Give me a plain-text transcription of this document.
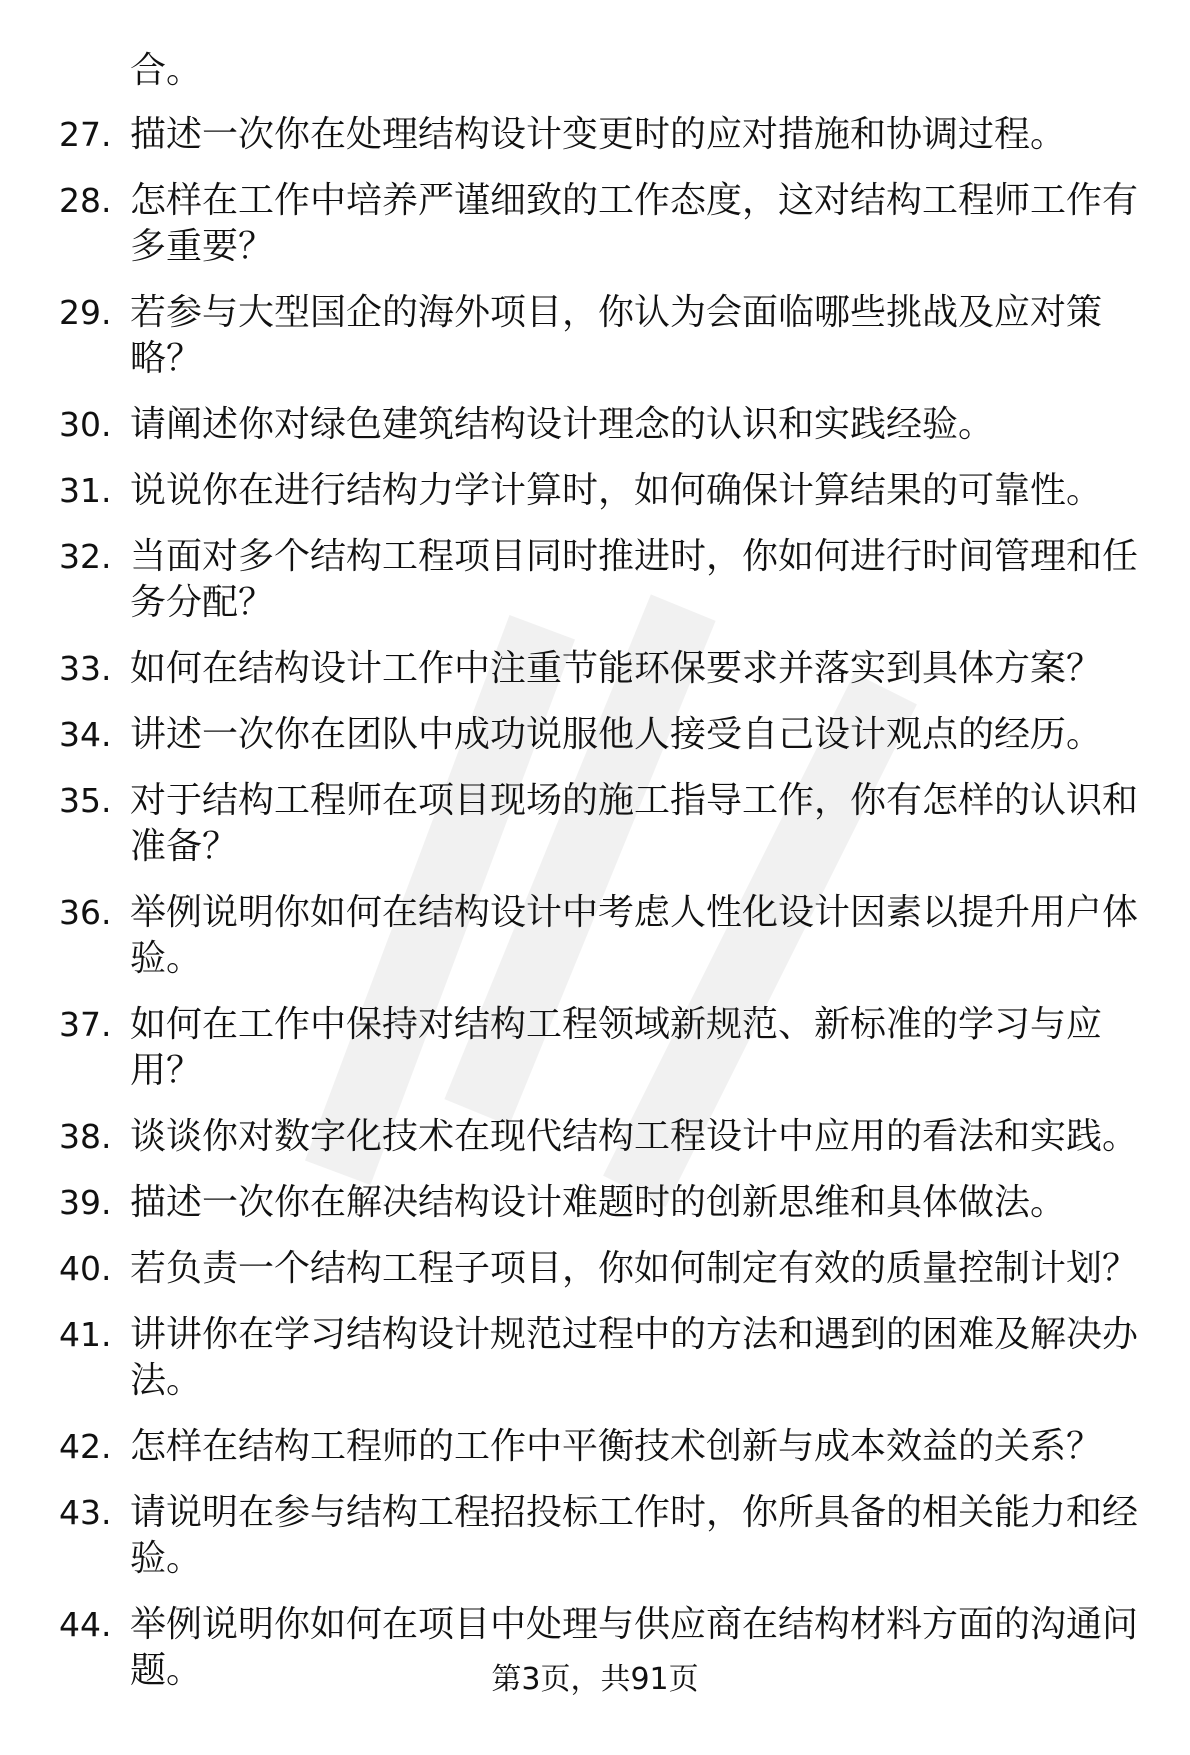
合。
27. 描述一次你在处理结构设计变更时的应对措施和协调过程。
28. 怎样在工作中培养严谨细致的工作态度，这对结构工程师工作有
多重要？
29. 若参与大型国企的海外项目，你认为会面临哪些挑战及应对策
略？
30. 请阐述你对绿色建筑结构设计理念的认识和实践经验。
31. 说说你在进行结构力学计算时，如何确保计算结果的可靠性。
32. 当面对多个结构工程项目同时推进时，你如何进行时间管理和任
务分配？
33. 如何在结构设计工作中注重节能环保要求并落实到具体方案？
34. 讲述一次你在团队中成功说服他人接受自己设计观点的经历。
35. 对于结构工程师在项目现场的施工指导工作，你有怎样的认识和
准备？
36. 举例说明你如何在结构设计中考虑人性化设计因素以提升用户体
验。
37. 如何在工作中保持对结构工程领域新规范、新标准的学习与应
用？
38. 谈谈你对数字化技术在现代结构工程设计中应用的看法和实践。
39. 描述一次你在解决结构设计难题时的创新思维和具体做法。
40. 若负责一个结构工程子项目，你如何制定有效的质量控制计划？
41. 讲讲你在学习结构设计规范过程中的方法和遇到的困难及解决办
法。
42. 怎样在结构工程师的工作中平衡技术创新与成本效益的关系？
43. 请说明在参与结构工程招投标工作时，你所具备的相关能力和经
验。
44. 举例说明你如何在项目中处理与供应商在结构材料方面的沟通问
题。	第3页，共91页
